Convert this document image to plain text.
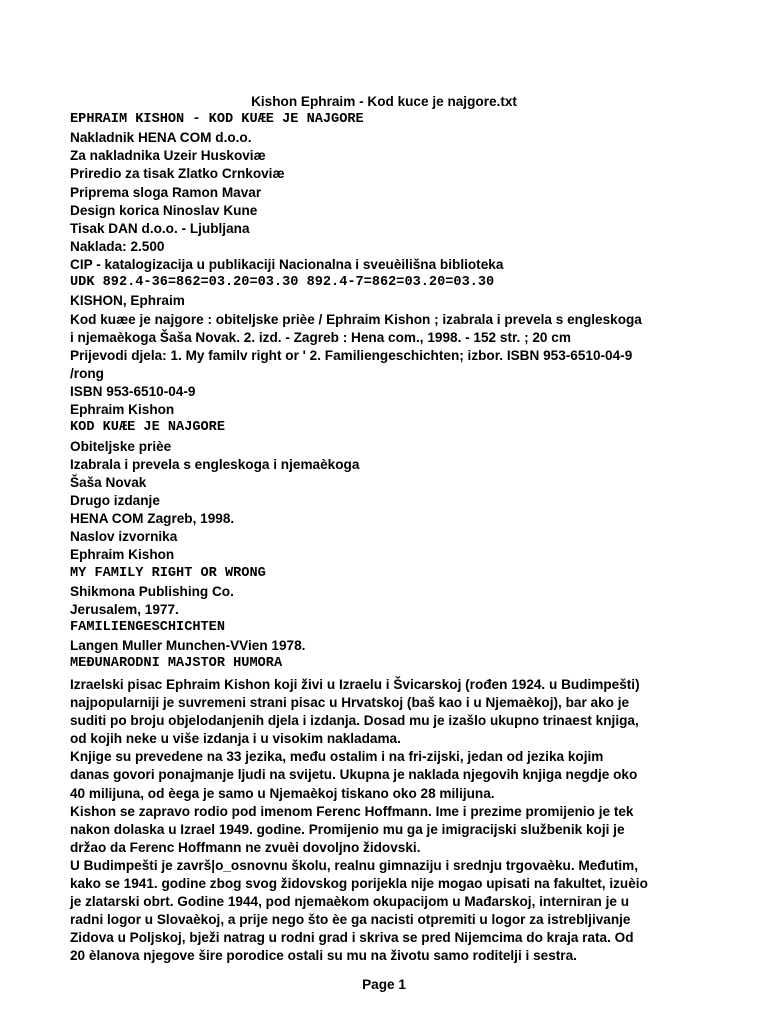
Kishon Ephraim - Kod kuce je najgore.txt
EPHRAIM KISHON - KOD KUÆE JE NAJGORE
Nakladnik HENA COM d.o.o.
Za nakladnika Uzeir Huskoviæ
Priredio za tisak Zlatko Crnkoviæ
Priprema sloga Ramon Mavar
Design korica Ninoslav Kune
Tisak DAN d.o.o. - Ljubljana
Naklada: 2.500
CIP - katalogizacija u publikaciji Nacionalna i sveuèilišna biblioteka
UDK 892.4-36=862=03.20=03.30 892.4-7=862=03.20=03.30
KISHON, Ephraim
Kod kuæe je najgore : obiteljske prièe / Ephraim Kishon ; izabrala i prevela s engleskoga
i njemaèkoga Šaša Novak. 2. izd. - Zagreb : Hena com., 1998. - 152 str. ; 20 cm
Prijevodi djela: 1. My familv right or ' 2. Familiengeschichten; izbor. ISBN 953-6510-04-9
/rong
ISBN 953-6510-04-9
Ephraim Kishon
KOD KUÆE JE NAJGORE
Obiteljske prièe
Izabrala i prevela s engleskoga i njemaèkoga
Šaša Novak
Drugo izdanje
HENA COM Zagreb, 1998.
Naslov izvornika
Ephraim Kishon
MY FAMILY RIGHT OR WRONG
Shikmona Publishing Co.
Jerusalem, 1977.
FAMILIENGESCHICHTEN
Langen Muller Munchen-VVien 1978.
MEĐUNARODNI MAJSTOR HUMORA
Izraelski pisac Ephraim Kishon koji živi u Izraelu i Švicarskoj (rođen 1924. u Budimpešti)
najpopularniji je suvremeni strani pisac u Hrvatskoj (baš kao i u Njemaèkoj), bar ako je
suditi po broju objelodanjenih djela i izdanja. Dosad mu je izašlo ukupno trinaest knjiga,
od kojih neke u više izdanja i u visokim nakladama.
Knjige su prevedene na 33 jezika, među ostalim i na fri-zijski, jedan od jezika kojim
danas govori ponajmanje ljudi na svijetu. Ukupna je naklada njegovih knjiga negdje oko
40 milijuna, od èega je samo u Njemaèkoj tiskano oko 28 milijuna.
Kishon se zapravo rodio pod imenom Ferenc Hoffmann. Ime i prezime promijenio je tek
nakon dolaska u Izrael 1949. godine. Promijenio mu ga je imigracijski službenik koji je
držao da Ferenc Hoffmann ne zvuèi dovoljno židovski.
U Budimpešti je završ|o_osnovnu školu, realnu gimnaziju i srednju trgovaèku. Međutim,
kako se 1941. godine zbog svog židovskog porijekla nije mogao upisati na fakultet, izuèio
je zlatarski obrt. Godine 1944, pod njemaèkom okupacijom u Mađarskoj, interniran je u
radni logor u Slovaèkoj, a prije nego što èe ga nacisti otpremiti u logor za istrebljivanje
Zidova u Poljskoj, bježi natrag u rodni grad i skriva se pred Nijemcima do kraja rata. Od
20 èlanova njegove šire porodice ostali su mu na životu samo roditelji i sestra.
Page 1
